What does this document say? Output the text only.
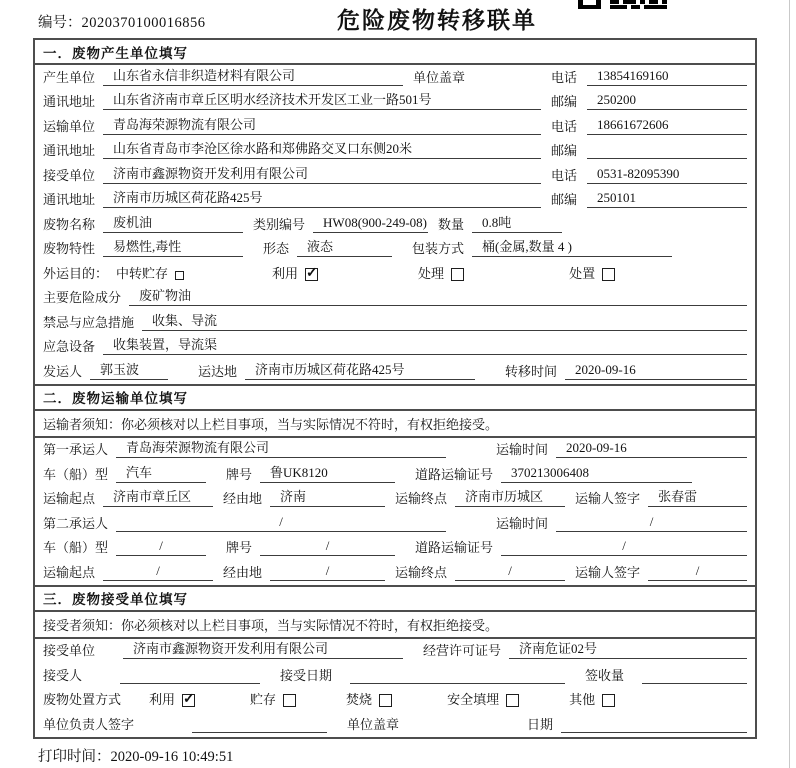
编号：2020370100016856	危险废物转移联单
一．废物产生单位填写
产生单位	山东省永信非织造材料有限公司	单位盖章	电话	13854169160
通讯地址	山东省济南市章丘区明水经济技术开发区工业一路501号	邮编	250200
运输单位	青岛海荣源物流有限公司	电话	18661672606
通讯地址	山东省青岛市李沧区徐水路和郑佛路交叉口东侧20米	邮编
接受单位	济南市鑫源物资开发利用有限公司	电话	0531-82095390
通讯地址	济南市历城区荷花路425号	邮编	250101
废物名称	废机油	类别编号	HW08(900-249-08) 数量	0.8吨
废物特性	易燃性,毒性	形态	液态	包装方式	桶(金属,数量 4 )
外运目的： 中转贮存	利用 ✓	处理	处置
主要危险成分	废矿物油
禁忌与应急措施	收集、导流
应急设备	收集装置，导流渠
发运人	郭玉波	运达地	济南市历城区荷花路425号	转移时间	2020-09-16
二．废物运输单位填写
运输者须知：你必须核对以上栏目事项，当与实际情况不符时，有权拒绝接受。
第一承运人	青岛海荣源物流有限公司	运输时间	2020-09-16
车（船）型	汽车	牌号	鲁UK8120	道路运输证号	370213006408
运输起点	济南市章丘区	经由地	济南	运输终点	济南市历城区	运输人签字	张春雷
第二承运人	/	运输时间	/
车（船）型	/	牌号	/	道路运输证号	/
运输起点	/	经由地	/	运输终点	/	运输人签字	/
三．废物接受单位填写
接受者须知：你必须核对以上栏目事项，当与实际情况不符时，有权拒绝接受。
接受单位	济南市鑫源物资开发利用有限公司	经营许可证号	济南危证02号
接受人	接受日期	签收量
废物处置方式	利用 ✓	贮存	焚烧	安全填埋	其他
单位负责人签字	单位盖章	日期
打印时间：2020-09-16 10:49:51
